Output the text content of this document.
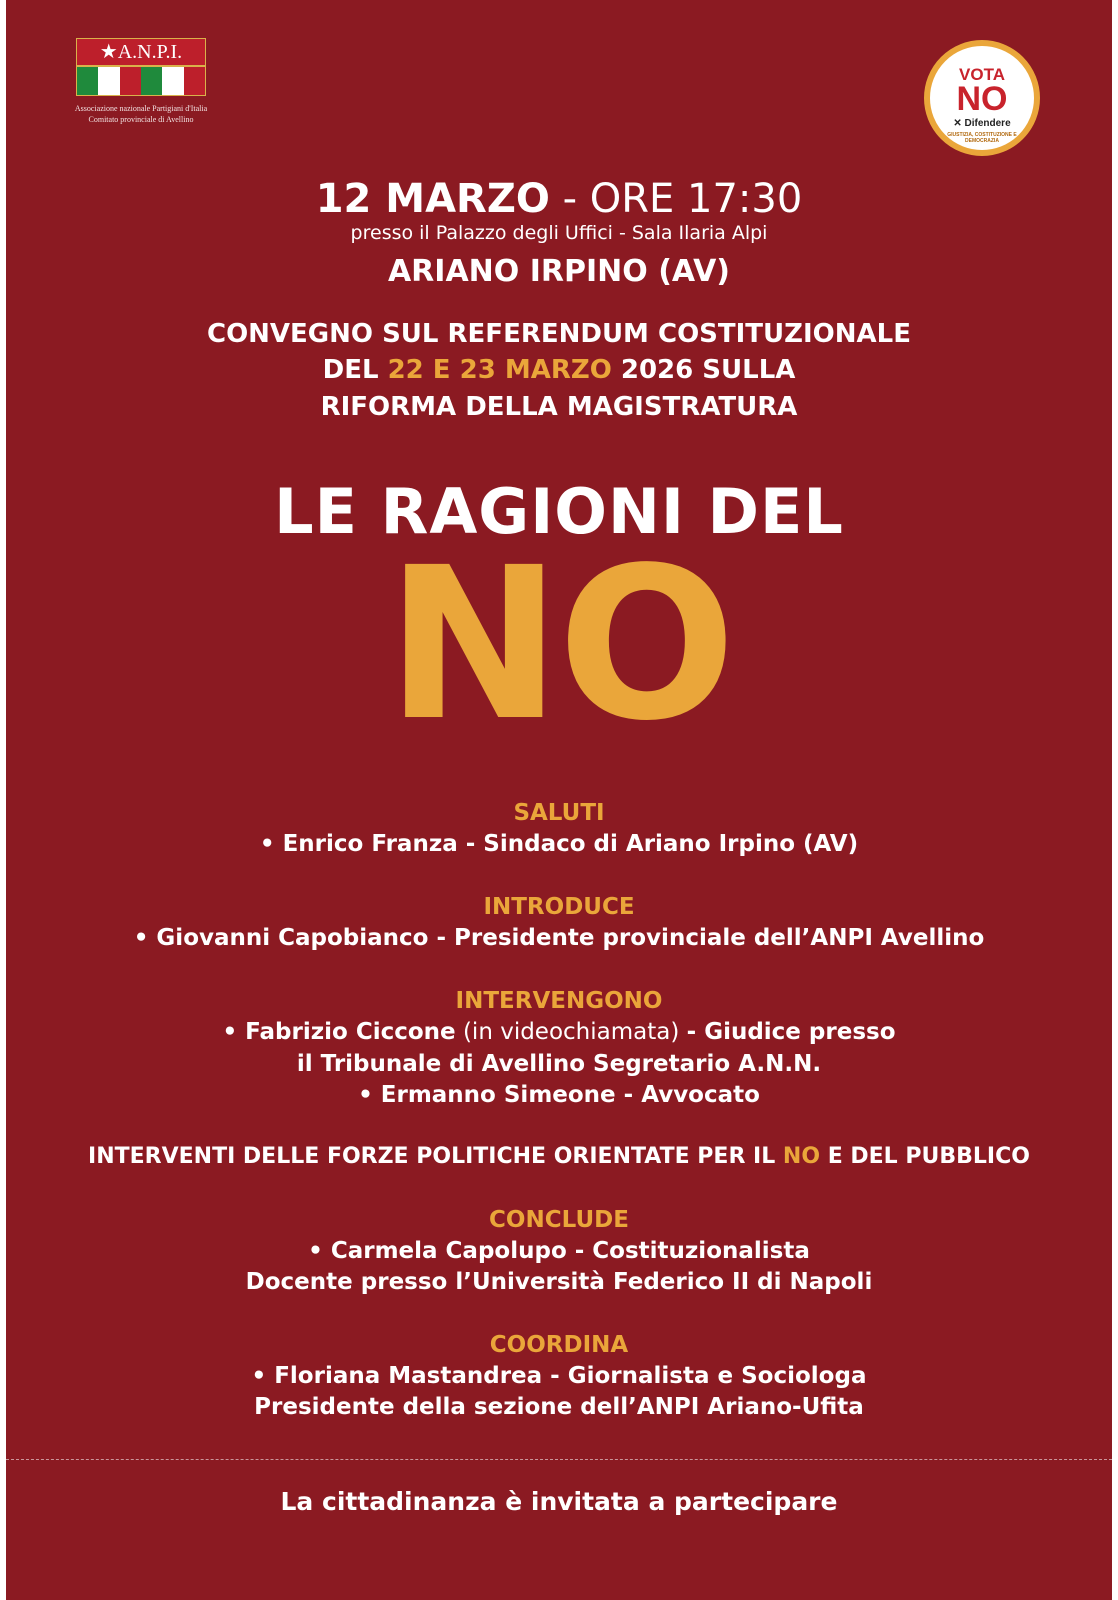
★A.N.P.I.
Associazione nazionale Partigiani d'Italia
Comitato provinciale di Avellino
VOTA
NO
✕ Difendere
GIUSTIZIA, COSTITUZIONE E DEMOCRAZIA
12 MARZO - ORE 17:30
presso il Palazzo degli Uffici - Sala Ilaria Alpi
ARIANO IRPINO (AV)
CONVEGNO SUL REFERENDUM COSTITUZIONALE
DEL 22 E 23 MARZO 2026 SULLA
RIFORMA DELLA MAGISTRATURA
LE RAGIONI DEL
NO
SALUTI
• Enrico Franza - Sindaco di Ariano Irpino (AV)
INTRODUCE
• Giovanni Capobianco - Presidente provinciale dell’ANPI Avellino
INTERVENGONO
• Fabrizio Ciccone (in videochiamata) - Giudice presso
il Tribunale di Avellino Segretario A.N.N.
• Ermanno Simeone - Avvocato
INTERVENTI DELLE FORZE POLITICHE ORIENTATE PER IL NO E DEL PUBBLICO
CONCLUDE
• Carmela Capolupo - Costituzionalista
Docente presso l’Università Federico II di Napoli
COORDINA
• Floriana Mastandrea - Giornalista e Sociologa
Presidente della sezione dell’ANPI Ariano-Ufita
La cittadinanza è invitata a partecipare
